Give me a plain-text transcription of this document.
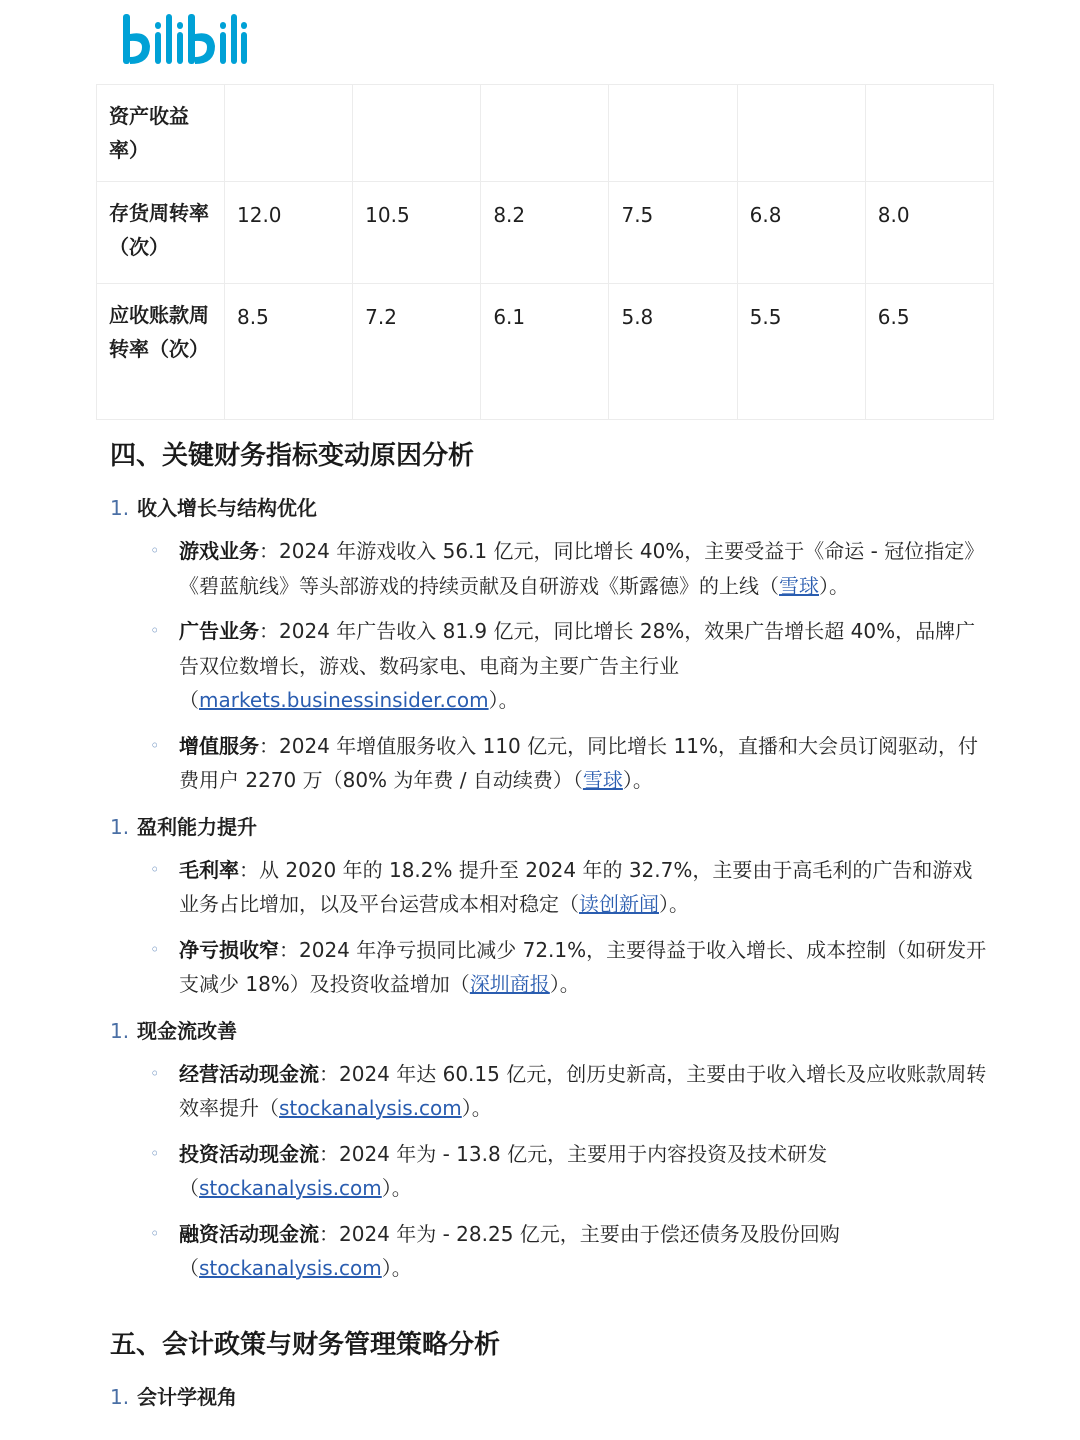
资产收益率）						
存货周转率（次）	12.0	10.5	8.2	7.5	6.8	8.0
应收账款周转率（次）	8.5	7.2	6.1	5.8	5.5	6.5
四、关键财务指标变动原因分析
1. 收入增长与结构优化
◦ 游戏业务：2024 年游戏收入 56.1 亿元，同比增长 40%，主要受益于《命运 - 冠位指定》《碧蓝航线》等头部游戏的持续贡献及自研游戏《斯露德》的上线（雪球）。
◦ 广告业务：2024 年广告收入 81.9 亿元，同比增长 28%，效果广告增长超 40%，品牌广告双位数增长，游戏、数码家电、电商为主要广告主行业（markets.businessinsider.com）。
◦ 增值服务：2024 年增值服务收入 110 亿元，同比增长 11%，直播和大会员订阅驱动，付费用户 2270 万（80% 为年费 / 自动续费）（雪球）。
1. 盈利能力提升
◦ 毛利率：从 2020 年的 18.2% 提升至 2024 年的 32.7%，主要由于高毛利的广告和游戏业务占比增加，以及平台运营成本相对稳定（读创新闻）。
◦ 净亏损收窄：2024 年净亏损同比减少 72.1%，主要得益于收入增长、成本控制（如研发开支减少 18%）及投资收益增加（深圳商报）。
1. 现金流改善
◦ 经营活动现金流：2024 年达 60.15 亿元，创历史新高，主要由于收入增长及应收账款周转效率提升（stockanalysis.com）。
◦ 投资活动现金流：2024 年为 - 13.8 亿元，主要用于内容投资及技术研发（stockanalysis.com）。
◦ 融资活动现金流：2024 年为 - 28.25 亿元，主要由于偿还债务及股份回购（stockanalysis.com）。
五、会计政策与财务管理策略分析
1. 会计学视角
